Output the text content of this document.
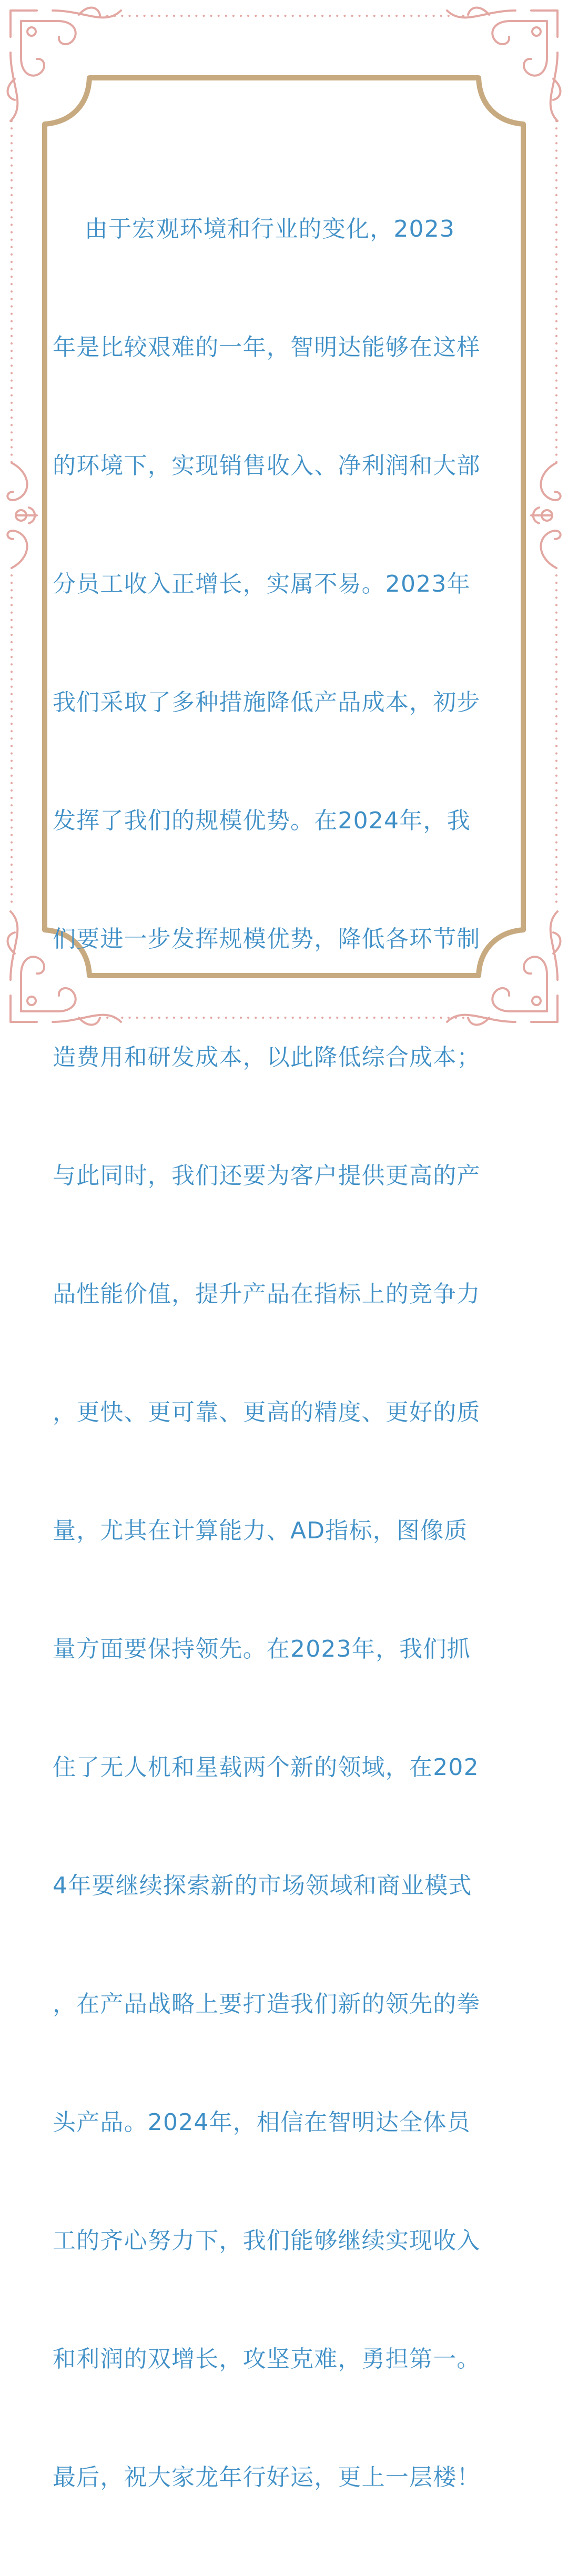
由于宏观环境和行业的变化，2023

年是比较艰难的一年，智明达能够在这样

的环境下，实现销售收入、净利润和大部

分员工收入正增长，实属不易。2023年

我们采取了多种措施降低产品成本，初步

发挥了我们的规模优势。在2024年，我

们要进一步发挥规模优势，降低各环节制

造费用和研发成本，以此降低综合成本；

与此同时，我们还要为客户提供更高的产

品性能价值，提升产品在指标上的竞争力

，更快、更可靠、更高的精度、更好的质

量，尤其在计算能力、AD指标，图像质

量方面要保持领先。在2023年，我们抓

住了无人机和星载两个新的领域，在202

4年要继续探索新的市场领域和商业模式

，在产品战略上要打造我们新的领先的拳

头产品。2024年，相信在智明达全体员

工的齐心努力下，我们能够继续实现收入

和利润的双增长，攻坚克难，勇担第一。

最后，祝大家龙年行好运，更上一层楼！
